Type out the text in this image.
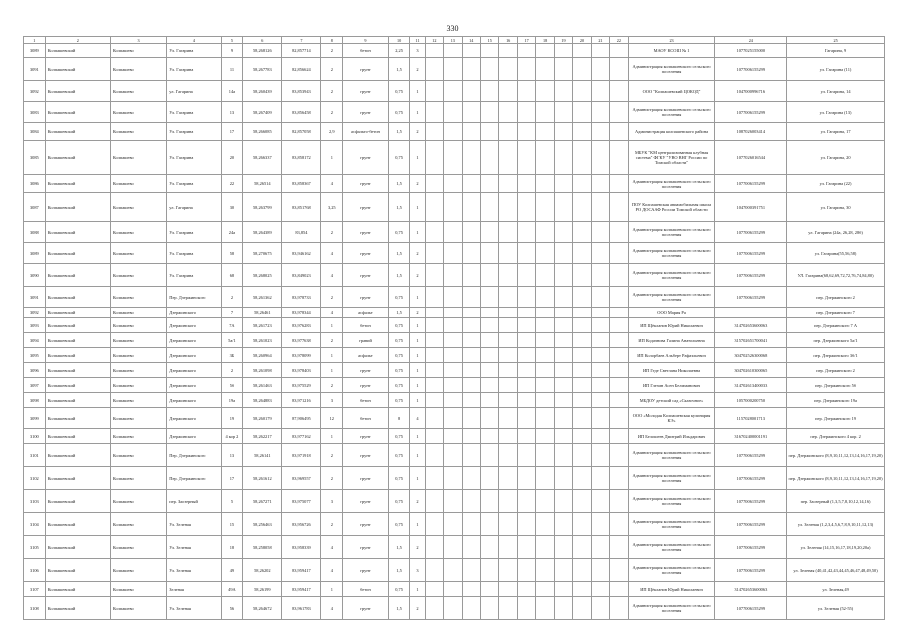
330
1	2	3	4	5	6	7	8	9	10	11	12	13	14	15	16	17	18	19	20	21	22	23	24	25
3089	Колпашевский	Колпашево	Ул. Гагарина	9	58,268126	82,857714	2	бетон	2,25	3												МАОУ КСОШ № 1	1077025155000	Гагарина, 9
3091	Колпашевский	Колпашево	Ул. Гагарина	11	58,267783	82,856624	2	грунт	1,5	2												Администрация колпашевского сельского поселения	1077006155299	ул. Гагарина (11)
3092	Колпашевский	Колпашево	ул. Гагарина	14а	58,260439	83,853943	2	грунт	0,75	1												ООО "Колпашевский ЦОКОД"	1047000996716	ул. Гагарина, 14
3083	Колпашевский	Колпашево	Ул. Гагарина	13	58,267409	83,856458	2	грунт	0,75	1												Администрация колпашевского сельского поселения	1077006155299	ул. Гагарина (13)
3084	Колпашевский	Колпашево	Ул. Гагарина	17	58,266085	82,857058	2,9	асфальто-бетон	1,5	2												Администрация колпашевского района	1087026003414	ул. Гагарина, 17
3085	Колпашевский	Колпашево	Ул. Гагарина	20	58,266337	83,858172	1	грунт	0,75	1												МБУК "КМ централизованная клубная система" ФГКУ "УВО ВНГ России по Томской области"	1077026016544	ул. Гагарина, 20
3086	Колпашевский	Колпашево	Ул. Гагарина	22	58,26514	83,858367	4	грунт	1,5	2												Администрация колпашевского сельского поселения	1077006155299	ул. Гагарина (22)
3087	Колпашевский	Колпашево	ул. Гагарина	30	58,263799	83,851768	3,25	грунт	1,5	1												ПОУ Колпашевская авиамобильная школа РО ДОСААФ России Томской области	1047000391751	ул. Гагарина, 30
3088	Колпашевский	Колпашево	Ул. Гагарина	24а	58,264389	83,854	2	грунт	0,75	1												Администрация колпашевского сельского поселения	1077006155299	ул. Гагарина (24а, 26,28, 28б)
3089	Колпашевский	Колпашево	Ул. Гагарина	58	58,270675	83,946162	4	грунт	1,5	2												Администрация колпашевского сельского поселения	1077006155299	ул. Гагарина(55,56,58)
3090	Колпашевский	Колпашево	Ул. Гагарина	68	58,268025	83,849023	4	грунт	1,5	2												Администрация колпашевского сельского поселения	1077006155299	УЛ. Гагарина(68,62,69,72,72,76,74,84,80)
3091	Колпашевский	Колпашево	Пер. Дзержинского	2	58,261362	83,978733	2	грунт	0,75	1												Администрация колпашевского сельского поселения	1077006155299	пер. Дзержинского 2
3092	Колпашевский	Колпашево	Дзержинского	7	58,26461	83,978344	4	асфальт	1,5	2												ООО Мария Ра		пер. Дзержинского 7
3093	Колпашевский	Колпашево	Дзержинского	7А	58,261723	83,976283	1	бетон	0,75	1												ИП Щёкланов Юрий Николаевич	314702653600063	пер. Дзержинского 7 А
3094	Колпашевский	Колпашево	Дзержинского	5а/1	58,261023	83,977638	2	гравий	0,75	1												ИП Кодачнова Галина Анатольевна	315702651700041	пер. Дзержинского 5а/1
3095	Колпашевский	Колпашево	Дзержинского	3Б	58,260964	83,978099	1	асфальт	0,75	1												ИП Колорбаев Альберт Рафаэльевич	304702526300068	пер. Дзержинского 3б/1
3096	Колпашевский	Колпашево	Дзержинского	2	58,261098	83,978403	1	грунт	0,75	1												ИП Геде Светлана Николаевна	304702610300065	пер. Дзержинского 2
3097	Колпашевский	Колпашево	Дзержинского	5б	58,261463	83,975529	2	грунт	0,75	1												ИП Глезин Асен Белмманович	314702613400033	пер. Дзержинского 5б
3098	Колпашевский	Колпашево	Дзержинского	19а	58,264883	83,971216	3	бетон	0,75	1												МБДОУ детский сад «Сказочное»	1057000200750	пер. Дзержинского 19а
3099	Колпашевский	Колпашево	Дзержинского	19	58,260179	87,906495	12	бетон	8	4												ООО «Молодая Колпашевская кулинария КЭ»	1157028001713	пер. Дзержинского 19
3100	Колпашевский	Колпашево	Дзержинского	4 кор 2	58,262217	83,977162	1	грунт	0,75	1												ИП Белошеев Дмитрий Ильдарович	316702400001191	пер. Дзержинского 4 кор. 2
3101	Колпашевский	Колпашево	Пер. Дзержинского	13	58,26141	83,971918	2	грунт	0,75	1												Администрация колпашевского сельского поселения	1077006155299	пер. Дзержинского (8,9,10,11,12,13,14,16,17,19,20)
3102	Колпашевский	Колпашево	Пер. Дзержинского	17	58,261612	83,969557	2	грунт	0,75	1												Администрация колпашевского сельского поселения	1077006155299	пер. Дзержинского (8,9,10,11,12,13,14,16,17,19,20)
3103	Колпашевский	Колпашево	пер. Заозерный	5	58,267271	83,975077	3	грунт	0,75	2												Администрация колпашевского сельского поселения	1077006155299	пер. Заозерный (1,3,5,7,8,10,12,14,16)
3104	Колпашевский	Колпашево	Ул. Зеленая	15	58,256463	83,956726	2	грунт	0,75	1												Администрация колпашевского сельского поселения	1077006155299	ул. Зеленая (1,2,3,4,5,6,7,8,9,10,11,12,13)
3105	Колпашевский	Колпашево	Ул. Зеленая	18	58,258058	83,958339	4	грунт	1,5	2												Администрация колпашевского сельского поселения	1077006155299	ул. Зеленая (14,15,16,17,18,19,20,20а)
3106	Колпашевский	Колпашево	Ул. Зеленая	49	58,26202	83,959417	4	грунт	1,5	3												Администрация колпашевского сельского поселения	1077006155299	ул. Зеленая (40,41,42,43,44,45,46,47,48,49,50)
3107	Колпашевский	Колпашево	Зеленая	49А	58,26199	83,959417	1	бетон	0,75	1												ИП Щёкланов Юрий Николаевич	314702653600063	ул. Зеленая,49
3108	Колпашевский	Колпашево	Ул. Зеленая	56	58,264672	83,961783	4	грунт	1,5	2												Администрация колпашевского сельского поселения	1077006155299	ул. Зеленая (52-55)
